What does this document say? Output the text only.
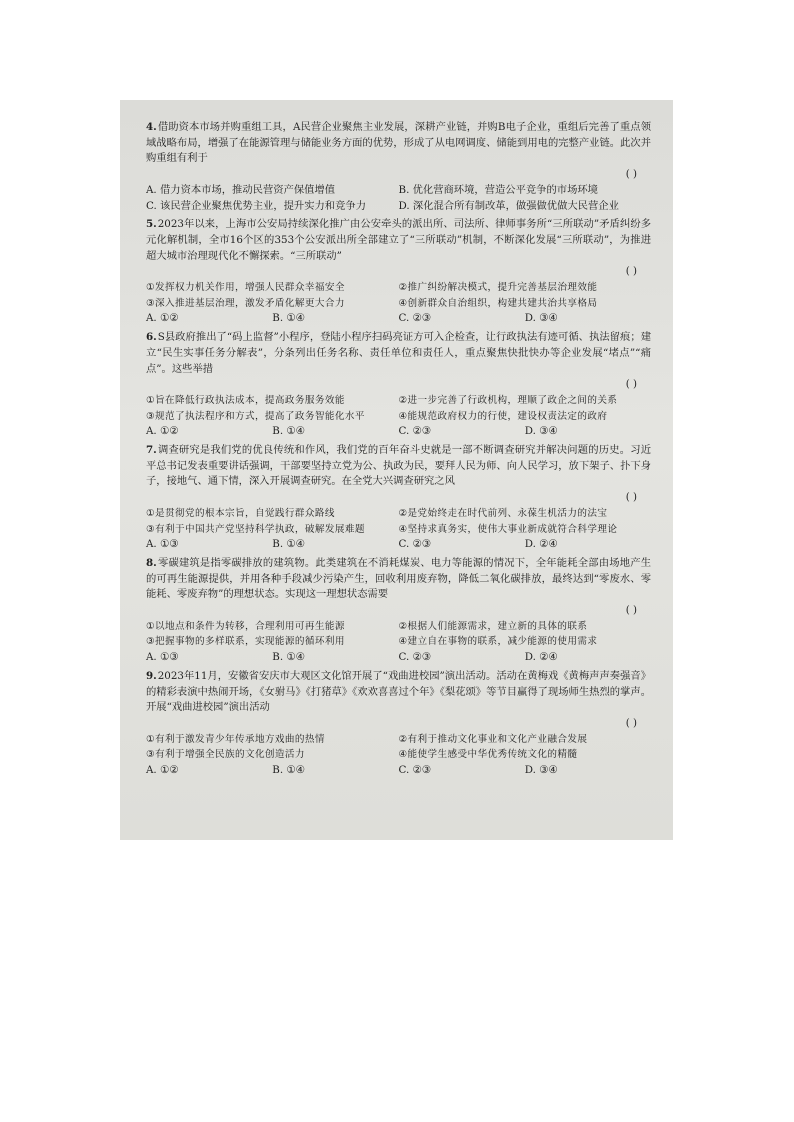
4.借助资本市场并购重组工具，A民营企业聚焦主业发展，深耕产业链，并购B电子企业，重组后完善了重点领域战略布局，增强了在能源管理与储能业务方面的优势，形成了从电网调度、储能到用电的完整产业链。此次并购重组有利于
( )
A. 借力资本市场，推动民营资产保值增值	B. 优化营商环境，营造公平竞争的市场环境
C. 该民营企业聚焦优势主业，提升实力和竞争力	D. 深化混合所有制改革，做强做优做大民营企业
5.2023年以来，上海市公安局持续深化推广由公安牵头的派出所、司法所、律师事务所“三所联动”矛盾纠纷多元化解机制，全市16个区的353个公安派出所全部建立了“三所联动”机制，不断深化发展“三所联动”，为推进超大城市治理现代化不懈探索。“三所联动”
( )
①发挥权力机关作用，增强人民群众幸福安全	②推广纠纷解决模式，提升完善基层治理效能
③深入推进基层治理，激发矛盾化解更大合力	④创新群众自治组织，构建共建共治共享格局
A. ①②	B. ①④	C. ②③	D. ③④
6.S县政府推出了“码上监督”小程序，登陆小程序扫码亮证方可入企检查，让行政执法有迹可循、执法留痕；建立“民生实事任务分解表”，分条列出任务名称、责任单位和责任人，重点聚焦快批快办等企业发展“堵点”“痛点”。这些举措
( )
①旨在降低行政执法成本，提高政务服务效能	②进一步完善了行政机构，理顺了政企之间的关系
③规范了执法程序和方式，提高了政务智能化水平	④能规范政府权力的行使，建设权责法定的政府
A. ①②	B. ①④	C. ②③	D. ③④
7.调查研究是我们党的优良传统和作风，我们党的百年奋斗史就是一部不断调查研究并解决问题的历史。习近平总书记发表重要讲话强调，干部要坚持立党为公、执政为民，要拜人民为师、向人民学习，放下架子、扑下身子，接地气、通下情，深入开展调查研究。在全党大兴调查研究之风
( )
①是贯彻党的根本宗旨，自觉践行群众路线	②是党始终走在时代前列、永葆生机活力的法宝
③有利于中国共产党坚持科学执政，破解发展难题	④坚持求真务实，使伟大事业新成就符合科学理论
A. ①③	B. ①④	C. ②③	D. ②④
8.零碳建筑是指零碳排放的建筑物。此类建筑在不消耗煤炭、电力等能源的情况下，全年能耗全部由场地产生的可再生能源提供，并用各种手段减少污染产生，回收利用废弃物，降低二氧化碳排放，最终达到“零废水、零能耗、零废弃物”的理想状态。实现这一理想状态需要
( )
①以地点和条件为转移，合理利用可再生能源	②根据人们能源需求，建立新的具体的联系
③把握事物的多样联系，实现能源的循环利用	④建立自在事物的联系，减少能源的使用需求
A. ①③	B. ①④	C. ②③	D. ②④
9.2023年11月，安徽省安庆市大观区文化馆开展了“戏曲进校园”演出活动。活动在黄梅戏《黄梅声声奏强音》的精彩表演中热闹开场，《女驸马》《打猪草》《欢欢喜喜过个年》《梨花颂》等节目赢得了现场师生热烈的掌声。开展“戏曲进校园”演出活动
( )
①有利于激发青少年传承地方戏曲的热情	②有利于推动文化事业和文化产业融合发展
③有利于增强全民族的文化创造活力	④能使学生感受中华优秀传统文化的精髓
A. ①②	B. ①④	C. ②③	D. ③④
